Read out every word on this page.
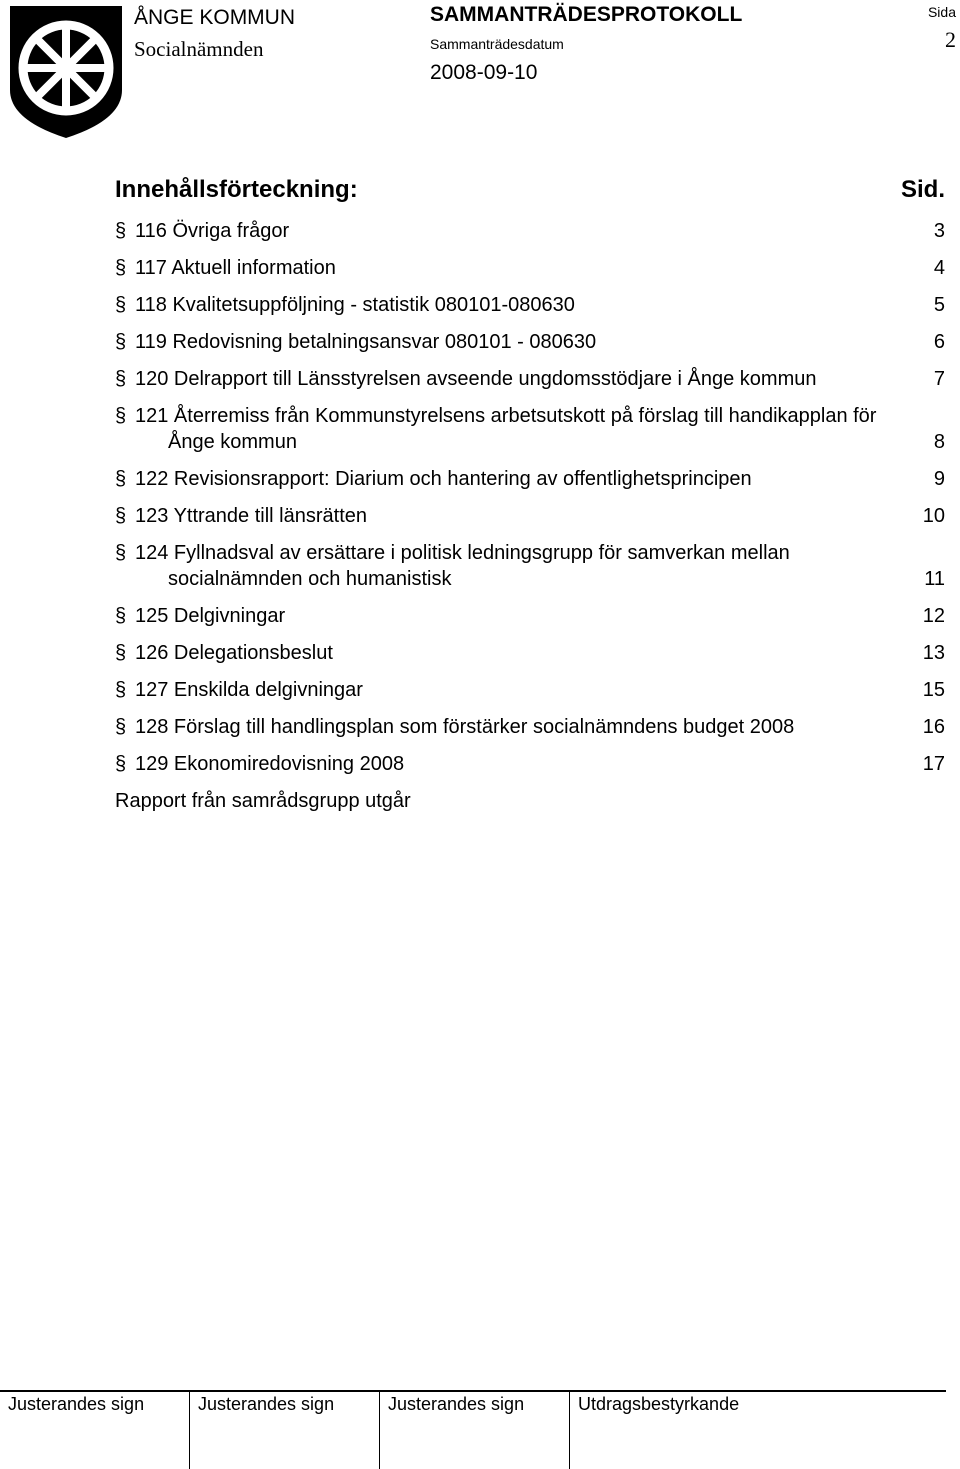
ÅNGE KOMMUN
Socialnämnden
SAMMANTRÄDESPROTOKOLL
Sammanträdesdatum
2008-09-10
Sida
2
Innehållsförteckning:	Sid.
§ 116 Övriga frågor	3
§ 117 Aktuell information	4
§ 118 Kvalitetsuppföljning - statistik 080101-080630	5
§ 119 Redovisning betalningsansvar 080101 - 080630	6
§ 120 Delrapport till Länsstyrelsen avseende ungdomsstödjare i Ånge kommun	7
§ 121 Återremiss från Kommunstyrelsens arbetsutskott på förslag till handikapplan för Ånge kommun	8
§ 122 Revisionsrapport: Diarium och hantering av offentlighetsprincipen	9
§ 123 Yttrande till länsrätten	10
§ 124 Fyllnadsval av ersättare i politisk ledningsgrupp för samverkan mellan socialnämnden och humanistisk	11
§ 125 Delgivningar	12
§ 126 Delegationsbeslut	13
§ 127 Enskilda delgivningar	15
§ 128 Förslag till handlingsplan som förstärker socialnämndens budget 2008	16
§ 129 Ekonomiredovisning 2008	17
Rapport från samrådsgrupp utgår
Justerandes sign	Justerandes sign	Justerandes sign	Utdragsbestyrkande
